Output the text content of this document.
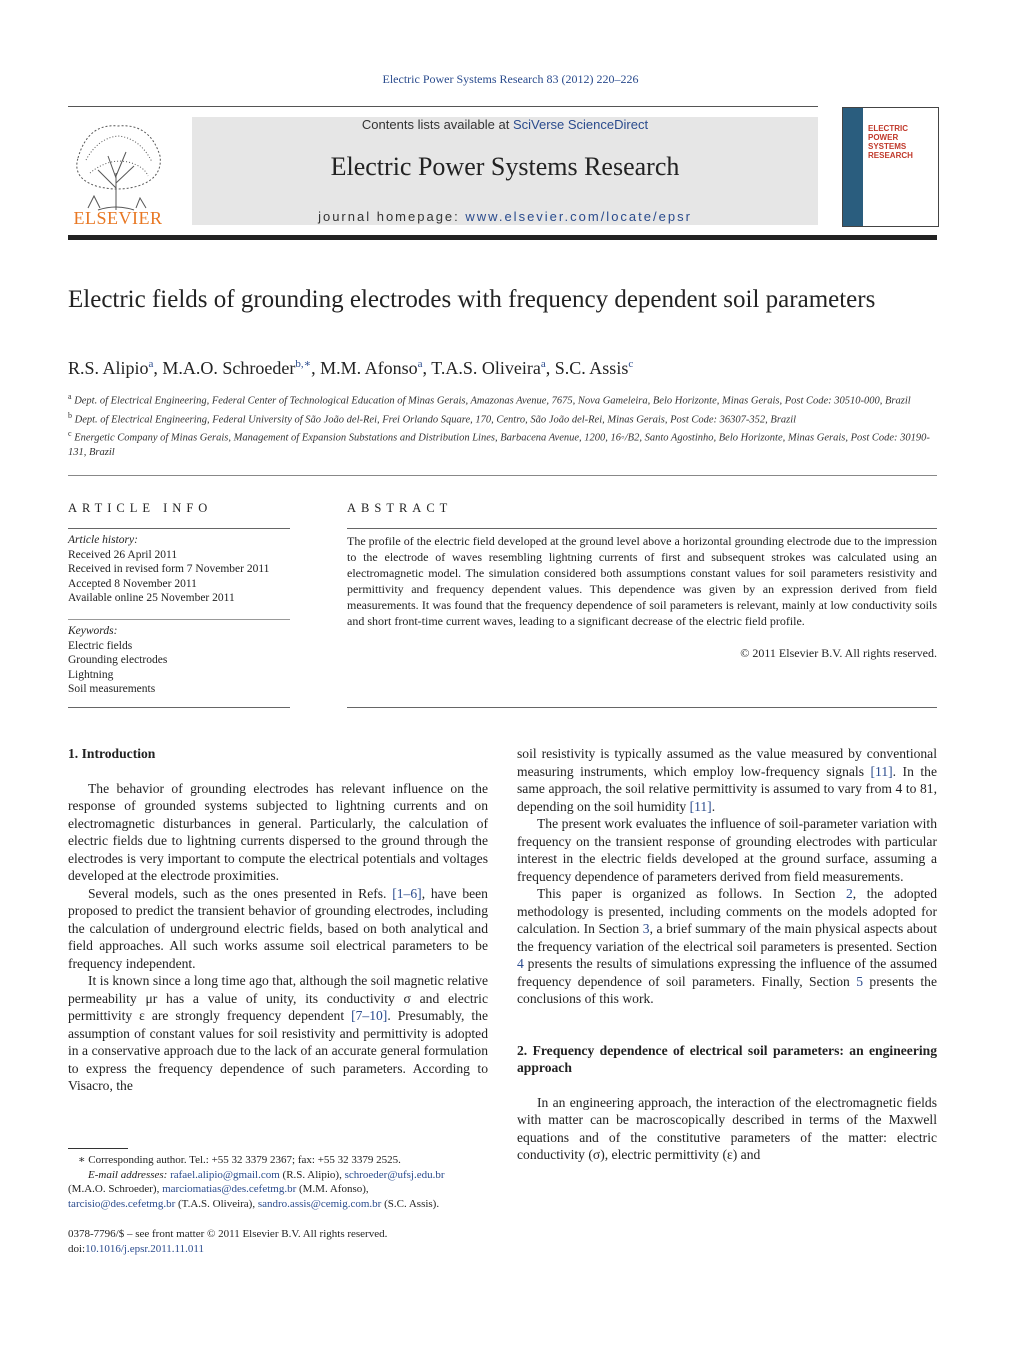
Electric Power Systems Research 83 (2012) 220–226
ELSEVIER
Contents lists available at SciVerse ScienceDirect
Electric Power Systems Research
journal homepage: www.elsevier.com/locate/epsr
ELECTRIC POWER SYSTEMS RESEARCH
Electric fields of grounding electrodes with frequency dependent soil parameters
R.S. Alipio$^a$, M.A.O. Schroeder$^{b,∗}$, M.M. Afonso$^a$, T.A.S. Oliveira$^a$, S.C. Assis$^c$
$^a$ Dept. of Electrical Engineering, Federal Center of Technological Education of Minas Gerais, Amazonas Avenue, 7675, Nova Gameleira, Belo Horizonte, Minas Gerais, Post Code: 30510-000, Brazil
$^b$ Dept. of Electrical Engineering, Federal University of São João del-Rei, Frei Orlando Square, 170, Centro, São João del-Rei, Minas Gerais, Post Code: 36307-352, Brazil
$^c$ Energetic Company of Minas Gerais, Management of Expansion Substations and Distribution Lines, Barbacena Avenue, 1200, 16◦/B2, Santo Agostinho, Belo Horizonte, Minas Gerais, Post Code: 30190-131, Brazil
ARTICLE INFO
Article history:
Received 26 April 2011
Received in revised form 7 November 2011
Accepted 8 November 2011
Available online 25 November 2011
Keywords:
Electric fields
Grounding electrodes
Lightning
Soil measurements
ABSTRACT
The profile of the electric field developed at the ground level above a horizontal grounding electrode due to the impression to the electrode of waves resembling lightning currents of first and subsequent strokes was calculated using an electromagnetic model. The simulation considered both assumptions constant values for soil parameters resistivity and permittivity and frequency dependent values. This dependence was given by an expression derived from field measurements. It was found that the frequency dependence of soil parameters is relevant, mainly at low conductivity soils and short front-time current waves, leading to a significant decrease of the electric field profile.
© 2011 Elsevier B.V. All rights reserved.
1. Introduction

The behavior of grounding electrodes has relevant influence on the response of grounded systems subjected to lightning currents and on electromagnetic disturbances in general. Particularly, the calculation of electric fields due to lightning currents dispersed to the ground through the electrodes is very important to compute the electrical potentials and voltages developed at the electrode proximities.

Several models, such as the ones presented in Refs. [1–6], have been proposed to predict the transient behavior of grounding electrodes, including the calculation of underground electric fields, based on both analytical and field approaches. All such works assume soil electrical parameters to be frequency independent.

It is known since a long time ago that, although the soil magnetic relative permeability μr has a value of unity, its conductivity σ and electric permittivity ε are strongly frequency dependent [7–10]. Presumably, the assumption of constant values for soil resistivity and permittivity is adopted in a conservative approach due to the lack of an accurate general formulation to express the frequency dependence of such parameters. According to Visacro, the

soil resistivity is typically assumed as the value measured by conventional measuring instruments, which employ low-frequency signals [11]. In the same approach, the soil relative permittivity is assumed to vary from 4 to 81, depending on the soil humidity [11].

The present work evaluates the influence of soil-parameter variation with frequency on the transient response of grounding electrodes with particular interest in the electric fields developed at the ground surface, assuming a frequency dependence of parameters derived from field measurements.

This paper is organized as follows. In Section 2, the adopted methodology is presented, including comments on the models adopted for calculation. In Section 3, a brief summary of the main physical aspects about the frequency variation of the electrical soil parameters is presented. Section 4 presents the results of simulations expressing the influence of the assumed frequency dependence of soil parameters. Finally, Section 5 presents the conclusions of this work.

2. Frequency dependence of electrical soil parameters: an engineering approach

In an engineering approach, the interaction of the electromagnetic fields with matter can be macroscopically described in terms of the Maxwell equations and of the constitutive parameters of the matter: electric conductivity (σ), electric permittivity (ε) and

∗ Corresponding author. Tel.: +55 32 3379 2367; fax: +55 32 3379 2525.
E-mail addresses: rafael.alipio@gmail.com (R.S. Alipio), schroeder@ufsj.edu.br
(M.A.O. Schroeder), marciomatias@des.cefetmg.br (M.M. Afonso),
tarcisio@des.cefetmg.br (T.A.S. Oliveira), sandro.assis@cemig.com.br (S.C. Assis).
0378-7796/$ – see front matter © 2011 Elsevier B.V. All rights reserved.
doi:10.1016/j.epsr.2011.11.011
